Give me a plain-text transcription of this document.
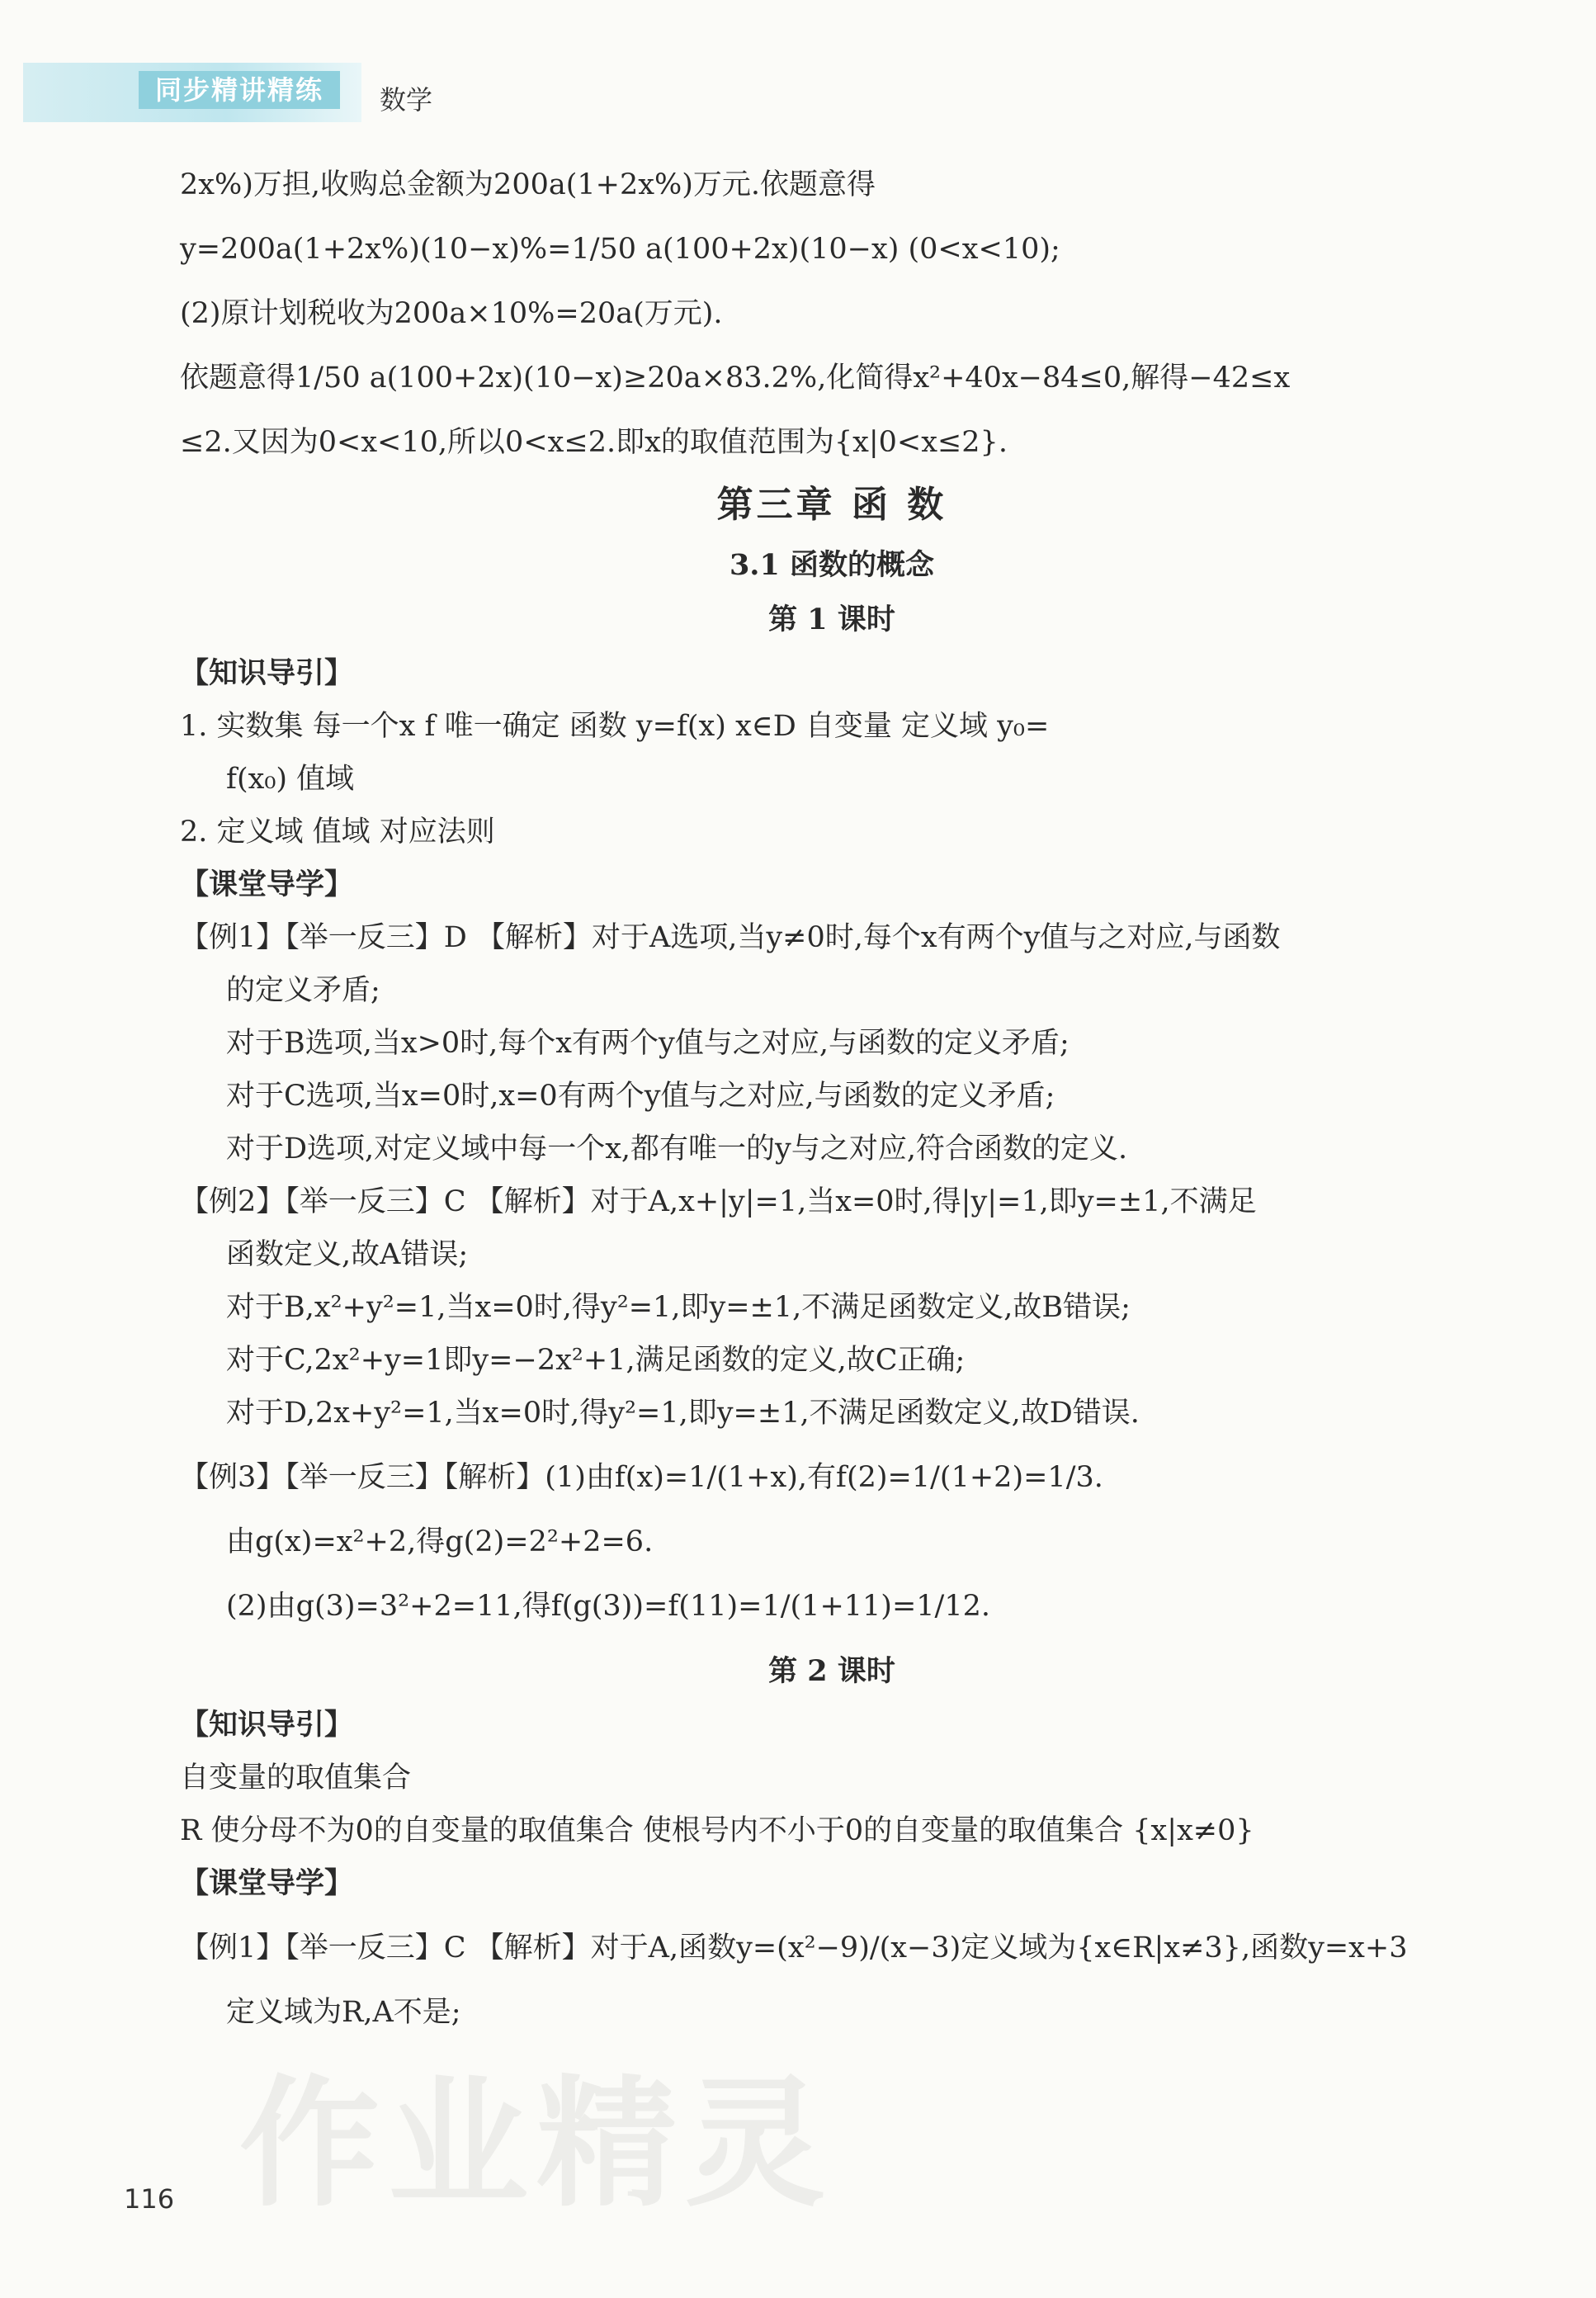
同步精讲精练	数学

2x%)万担,收购总金额为200a(1+2x%)万元.依题意得

y=200a(1+2x%)(10−x)%=1/50 a(100+2x)(10−x) (0<x<10);

(2)原计划税收为200a×10%=20a(万元).

依题意得1/50 a(100+2x)(10−x)≥20a×83.2%,化简得x²+40x−84≤0,解得−42≤x

≤2.又因为0<x<10,所以0<x≤2.即x的取值范围为{x|0<x≤2}.

第三章 函 数

3.1 函数的概念

第 1 课时

【知识导引】

1. 实数集 每一个x f 唯一确定 函数 y=f(x) x∈D 自变量 定义域 y₀=

f(x₀) 值域

2. 定义域 值域 对应法则

【课堂导学】

【例1】【举一反三】D 【解析】对于A选项,当y≠0时,每个x有两个y值与之对应,与函数

的定义矛盾;

对于B选项,当x>0时,每个x有两个y值与之对应,与函数的定义矛盾;

对于C选项,当x=0时,x=0有两个y值与之对应,与函数的定义矛盾;

对于D选项,对定义域中每一个x,都有唯一的y与之对应,符合函数的定义.

【例2】【举一反三】C 【解析】对于A,x+|y|=1,当x=0时,得|y|=1,即y=±1,不满足

函数定义,故A错误;

对于B,x²+y²=1,当x=0时,得y²=1,即y=±1,不满足函数定义,故B错误;

对于C,2x²+y=1即y=−2x²+1,满足函数的定义,故C正确;

对于D,2x+y²=1,当x=0时,得y²=1,即y=±1,不满足函数定义,故D错误.

【例3】【举一反三】【解析】(1)由f(x)=1/(1+x),有f(2)=1/(1+2)=1/3.

由g(x)=x²+2,得g(2)=2²+2=6.

(2)由g(3)=3²+2=11,得f(g(3))=f(11)=1/(1+11)=1/12.

第 2 课时

【知识导引】

自变量的取值集合

R 使分母不为0的自变量的取值集合 使根号内不小于0的自变量的取值集合 {x|x≠0}

【课堂导学】

【例1】【举一反三】C 【解析】对于A,函数y=(x²−9)/(x−3)定义域为{x∈R|x≠3},函数y=x+3

定义域为R,A不是;

作业精灵
116
